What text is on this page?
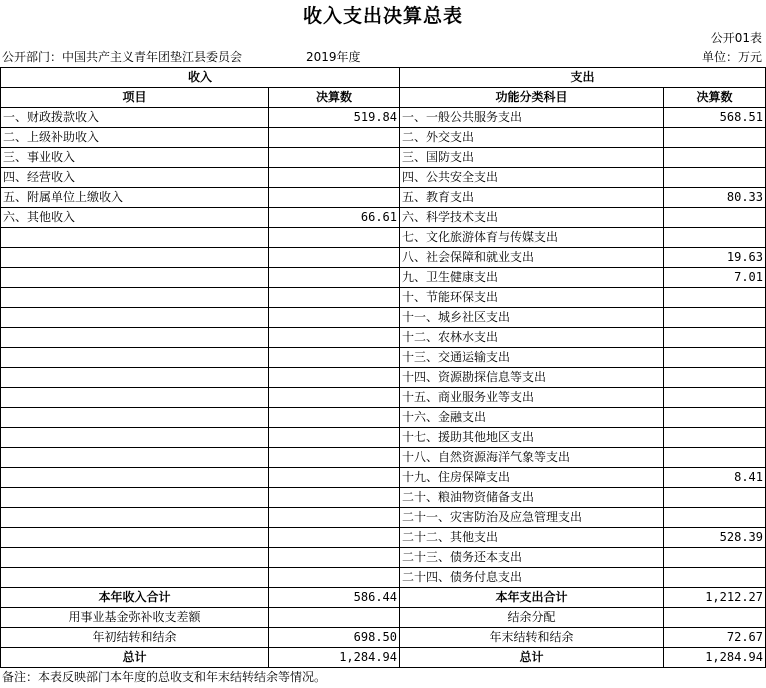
收入支出决算总表
公开01表
公开部门：中国共产主义青年团垫江县委员会	2019年度	单位：万元
收入		支出	
项目	决算数	功能分类科目	决算数
一、财政拨款收入	519.84	一、一般公共服务支出	568.51
二、上级补助收入		二、外交支出	
三、事业收入		三、国防支出	
四、经营收入		四、公共安全支出	
五、附属单位上缴收入		五、教育支出	80.33
六、其他收入	66.61	六、科学技术支出	
		七、文化旅游体育与传媒支出	
		八、社会保障和就业支出	19.63
		九、卫生健康支出	7.01
		十、节能环保支出	
		十一、城乡社区支出	
		十二、农林水支出	
		十三、交通运输支出	
		十四、资源勘探信息等支出	
		十五、商业服务业等支出	
		十六、金融支出	
		十七、援助其他地区支出	
		十八、自然资源海洋气象等支出	
		十九、住房保障支出	8.41
		二十、粮油物资储备支出	
		二十一、灾害防治及应急管理支出	
		二十二、其他支出	528.39
		二十三、债务还本支出	
		二十四、债务付息支出	
本年收入合计	586.44	本年支出合计	1,212.27
用事业基金弥补收支差额		结余分配	
年初结转和结余	698.50	年末结转和结余	72.67
总计	1,284.94	总计	1,284.94
备注：本表反映部门本年度的总收支和年末结转结余等情况。
